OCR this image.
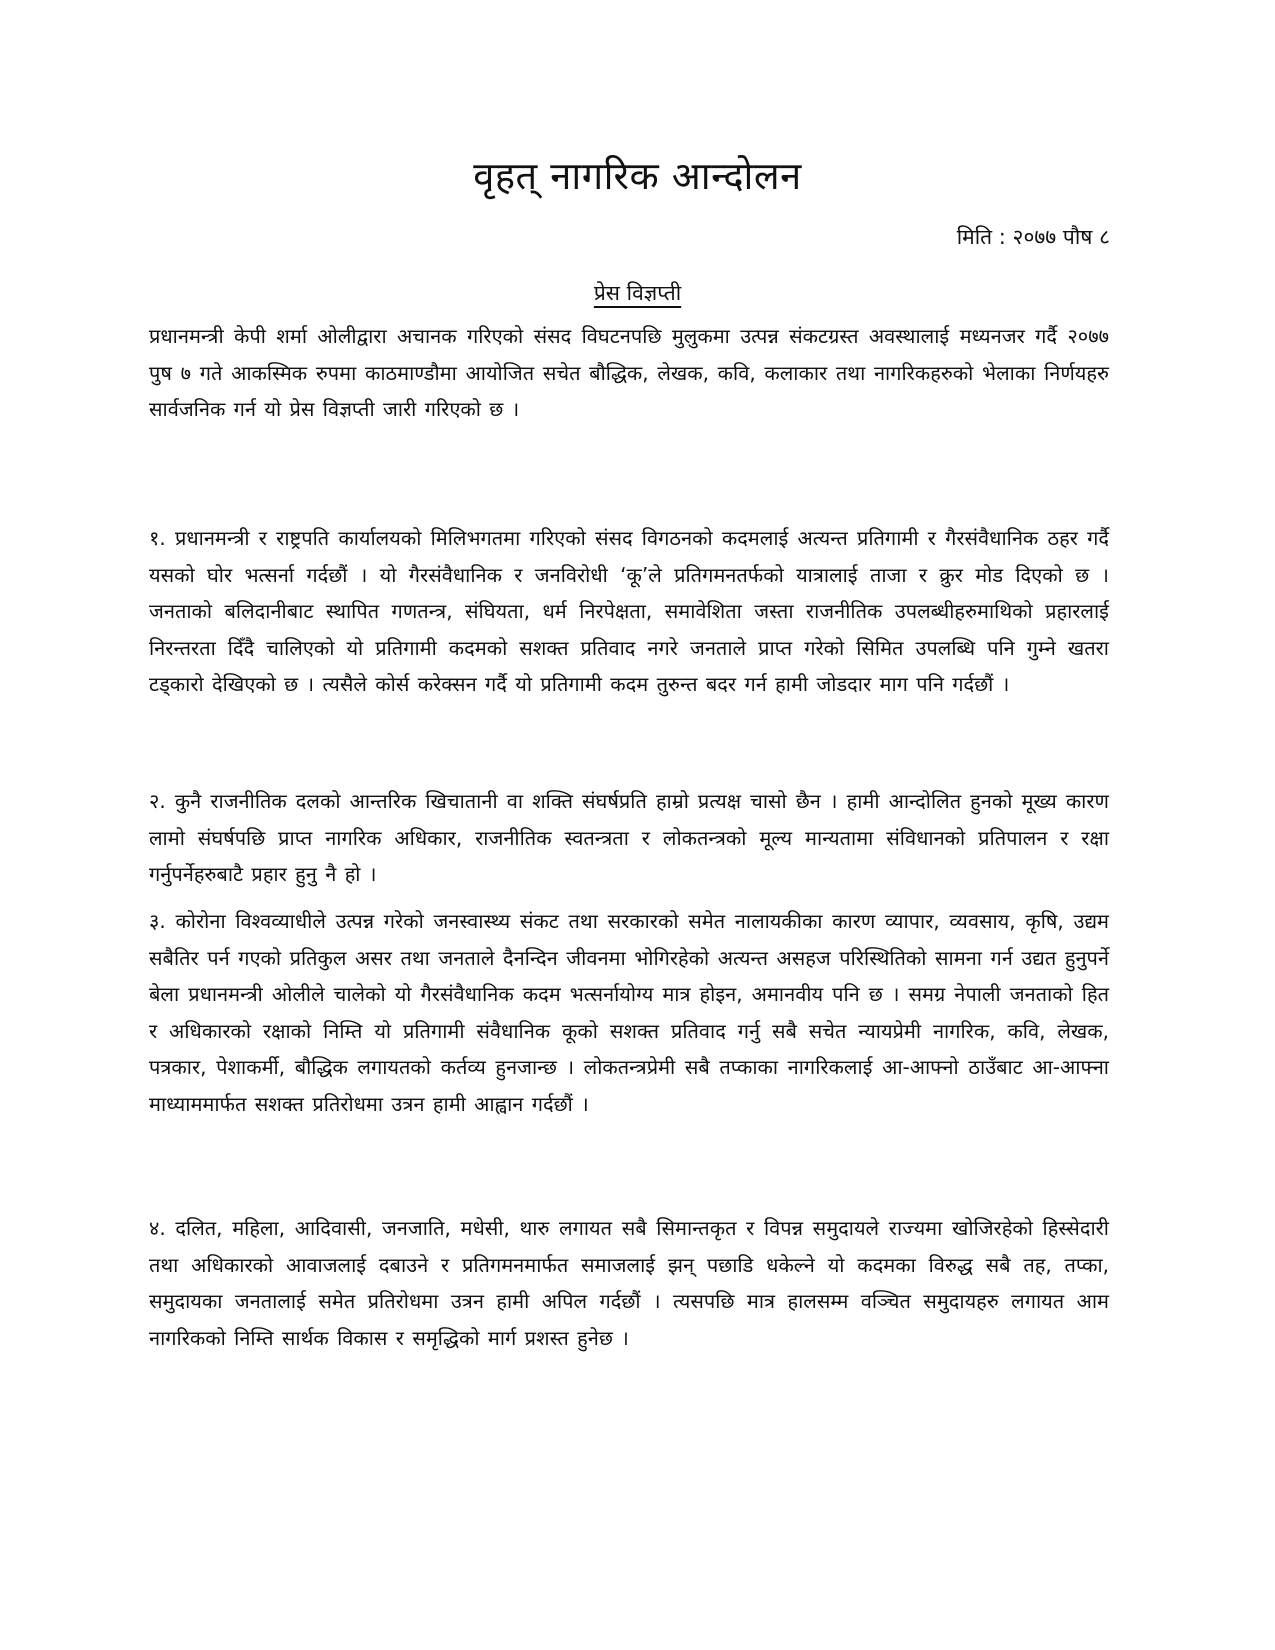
वृहत् नागरिक आन्दोलन
मिति : २०७७ पौष ८
प्रेस विज्ञप्ती

प्रधानमन्त्री केपी शर्मा ओलीद्वारा अचानक गरिएको संसद विघटनपछि मुलुकमा उत्पन्न संकटग्रस्त अवस्थालाई मध्यनजर गर्दै २०७७ पुष ७ गते आकस्मिक रुपमा काठमाण्डौमा आयोजित सचेत बौद्धिक, लेखक, कवि, कलाकार तथा नागरिकहरुको भेलाका निर्णयहरु सार्वजनिक गर्न यो प्रेस विज्ञप्ती जारी गरिएको छ ।

१. प्रधानमन्त्री र राष्ट्रपति कार्यालयको मिलिभगतमा गरिएको संसद विगठनको कदमलाई अत्यन्त प्रतिगामी र गैरसंवैधानिक ठहर गर्दै यसको घोर भत्सर्ना गर्दछौं । यो गैरसंवैधानिक र जनविरोधी ‘कू’ले प्रतिगमनतर्फको यात्रालाई ताजा र क्रुर मोड दिएको छ । जनताको बलिदानीबाट स्थापित गणतन्त्र, संघियता, धर्म निरपेक्षता, समावेशिता जस्ता राजनीतिक उपलब्धीहरुमाथिको प्रहारलाई निरन्तरता दिँदै चालिएको यो प्रतिगामी कदमको सशक्त प्रतिवाद नगरे जनताले प्राप्त गरेको सिमित उपलब्धि पनि गुम्ने खतरा टड्कारो देखिएको छ । त्यसैले कोर्स करेक्सन गर्दै यो प्रतिगामी कदम तुरुन्त बदर गर्न हामी जोडदार माग पनि गर्दछौं ।

२. कुनै राजनीतिक दलको आन्तरिक खिचातानी वा शक्ति संघर्षप्रति हाम्रो प्रत्यक्ष चासो छैन । हामी आन्दोलित हुनको मूख्य कारण लामो संघर्षपछि प्राप्त नागरिक अधिकार, राजनीतिक स्वतन्त्रता र लोकतन्त्रको मूल्य मान्यतामा संविधानको प्रतिपालन र रक्षा गर्नुपर्नेहरुबाटै प्रहार हुनु नै हो ।

३. कोरोना विश्वव्याधीले उत्पन्न गरेको जनस्वास्थ्य संकट तथा सरकारको समेत नालायकीका कारण व्यापार, व्यवसाय, कृषि, उद्यम सबैतिर पर्न गएको प्रतिकुल असर तथा जनताले दैनन्दिन जीवनमा भोगिरहेको अत्यन्त असहज परिस्थितिको सामना गर्न उद्यत हुनुपर्ने बेला प्रधानमन्त्री ओलीले चालेको यो गैरसंवैधानिक कदम भत्सर्नायोग्य मात्र होइन, अमानवीय पनि छ । समग्र नेपाली जनताको हित र अधिकारको रक्षाको निम्ति यो प्रतिगामी संवैधानिक कूको सशक्त प्रतिवाद गर्नु सबै सचेत न्यायप्रेमी नागरिक, कवि, लेखक, पत्रकार, पेशाकर्मी, बौद्धिक लगायतको कर्तव्य हुनजान्छ । लोकतन्त्रप्रेमी सबै तप्काका नागरिकलाई आ-आफ्नो ठाउँबाट आ-आफ्ना माध्याममार्फत सशक्त प्रतिरोधमा उत्रन हामी आह्वान गर्दछौं ।

४. दलित, महिला, आदिवासी, जनजाति, मधेसी, थारु लगायत सबै सिमान्तकृत र विपन्न समुदायले राज्यमा खोजिरहेको हिस्सेदारी तथा अधिकारको आवाजलाई दबाउने र प्रतिगमनमार्फत समाजलाई झन् पछाडि धकेल्ने यो कदमका विरुद्ध सबै तह, तप्का, समुदायका जनतालाई समेत प्रतिरोधमा उत्रन हामी अपिल गर्दछौं । त्यसपछि मात्र हालसम्म वञ्चित समुदायहरु लगायत आम नागरिकको निम्ति सार्थक विकास र समृद्धिको मार्ग प्रशस्त हुनेछ ।
